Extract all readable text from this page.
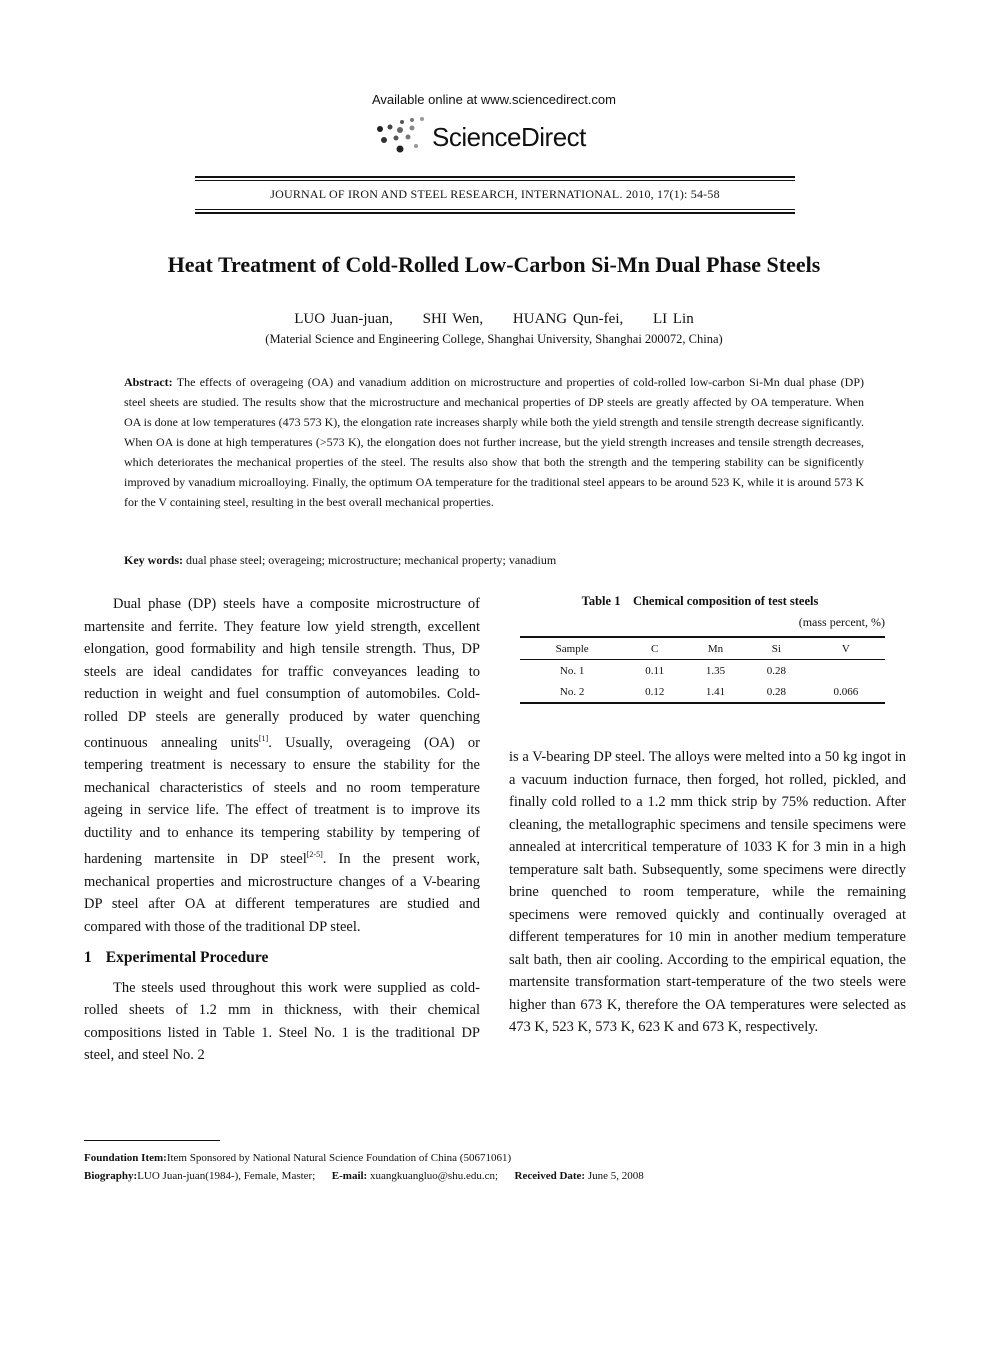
Available online at www.sciencedirect.com
ScienceDirect
JOURNAL OF IRON AND STEEL RESEARCH, INTERNATIONAL. 2010, 17(1): 54-58
Heat Treatment of Cold-Rolled Low-Carbon Si-Mn Dual Phase Steels
LUO Juan-juan, SHI Wen, HUANG Qun-fei, LI Lin
(Material Science and Engineering College, Shanghai University, Shanghai 200072, China)
Abstract: The effects of overageing (OA) and vanadium addition on microstructure and properties of cold-rolled low-carbon Si-Mn dual phase (DP) steel sheets are studied. The results show that the microstructure and mechanical properties of DP steels are greatly affected by OA temperature. When OA is done at low temperatures (473 573 K), the elongation rate increases sharply while both the yield strength and tensile strength decrease significantly. When OA is done at high temperatures (>573 K), the elongation does not further increase, but the yield strength increases and tensile strength decreases, which deteriorates the mechanical properties of the steel. The results also show that both the strength and the tempering stability can be significently improved by vanadium microalloying. Finally, the optimum OA temperature for the traditional steel appears to be around 523 K, while it is around 573 K for the V containing steel, resulting in the best overall mechanical properties.
Key words: dual phase steel; overageing; microstructure; mechanical property; vanadium

Dual phase (DP) steels have a composite microstructure of martensite and ferrite. They feature low yield strength, excellent elongation, good formability and high tensile strength. Thus, DP steels are ideal candidates for traffic conveyances leading to reduction in weight and fuel consumption of automobiles. Cold-rolled DP steels are generally produced by water quenching continuous annealing units[1]. Usually, overageing (OA) or tempering treatment is necessary to ensure the stability for the mechanical characteristics of steels and no room temperature ageing in service life. The effect of treatment is to improve its ductility and to enhance its tempering stability by tempering of hardening martensite in DP steel[2-5]. In the present work, mechanical properties and microstructure changes of a V-bearing DP steel after OA at different temperatures are studied and compared with those of the traditional DP steel.

1 Experimental Procedure

The steels used throughout this work were supplied as cold-rolled sheets of 1.2 mm in thickness, with their chemical compositions listed in Table 1. Steel No. 1 is the traditional DP steel, and steel No. 2

Table 1    Chemical composition of test steels
(mass percent, %)
Sample	C	Mn	Si	V
No. 1	0.11	1.35	0.28	
No. 2	0.12	1.41	0.28	0.066

is a V-bearing DP steel. The alloys were melted into a 50 kg ingot in a vacuum induction furnace, then forged, hot rolled, pickled, and finally cold rolled to a 1.2 mm thick strip by 75% reduction. After cleaning, the metallographic specimens and tensile specimens were annealed at intercritical temperature of 1033 K for 3 min in a high temperature salt bath. Subsequently, some specimens were directly brine quenched to room temperature, while the remaining specimens were removed quickly and continually overaged at different temperatures for 10 min in another medium temperature salt bath, then air cooling. According to the empirical equation, the martensite transformation start-temperature of the two steels were higher than 673 K, therefore the OA temperatures were selected as 473 K, 523 K, 573 K, 623 K and 673 K, respectively.

Foundation Item:Item Sponsored by National Natural Science Foundation of China (50671061)
Biography:LUO Juan-juan(1984-), Female, Master; E-mail: xuangkuangluo@shu.edu.cn; Received Date: June 5, 2008
